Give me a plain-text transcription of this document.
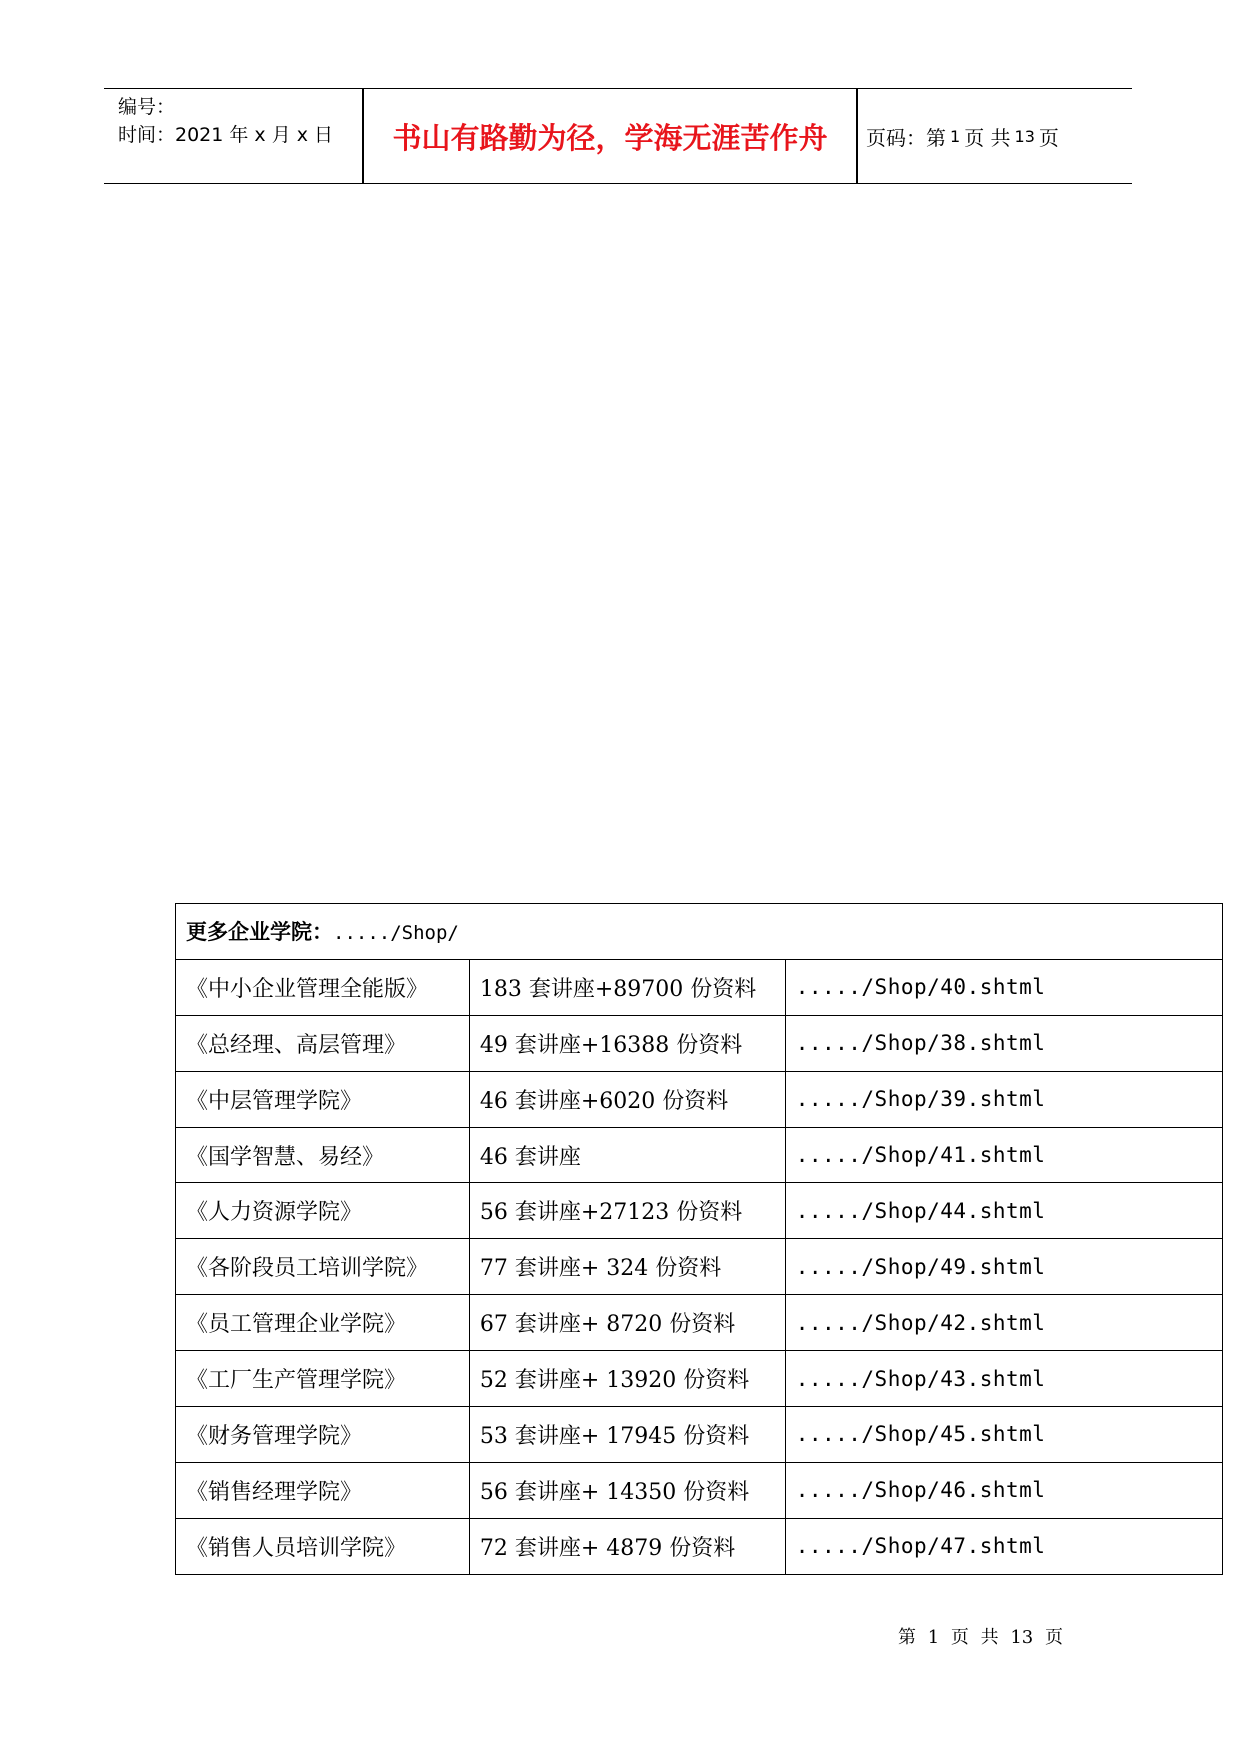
编号：
时间：2021 年 x 月 x 日	书山有路勤为径，学海无涯苦作舟	页码：第 1 页 共 13 页
更多企业学院：...../Shop/		
《中小企业管理全能版》	183 套讲座+89700 份资料	...../Shop/40.shtml
《总经理、高层管理》	49 套讲座+16388 份资料	...../Shop/38.shtml
《中层管理学院》	46 套讲座+6020 份资料	...../Shop/39.shtml
《国学智慧、易经》	46 套讲座	...../Shop/41.shtml
《人力资源学院》	56 套讲座+27123 份资料	...../Shop/44.shtml
《各阶段员工培训学院》	77 套讲座+ 324 份资料	...../Shop/49.shtml
《员工管理企业学院》	67 套讲座+ 8720 份资料	...../Shop/42.shtml
《工厂生产管理学院》	52 套讲座+ 13920 份资料	...../Shop/43.shtml
《财务管理学院》	53 套讲座+ 17945 份资料	...../Shop/45.shtml
《销售经理学院》	56 套讲座+ 14350 份资料	...../Shop/46.shtml
《销售人员培训学院》	72 套讲座+ 4879 份资料	...../Shop/47.shtml
第 1 页 共 13 页
